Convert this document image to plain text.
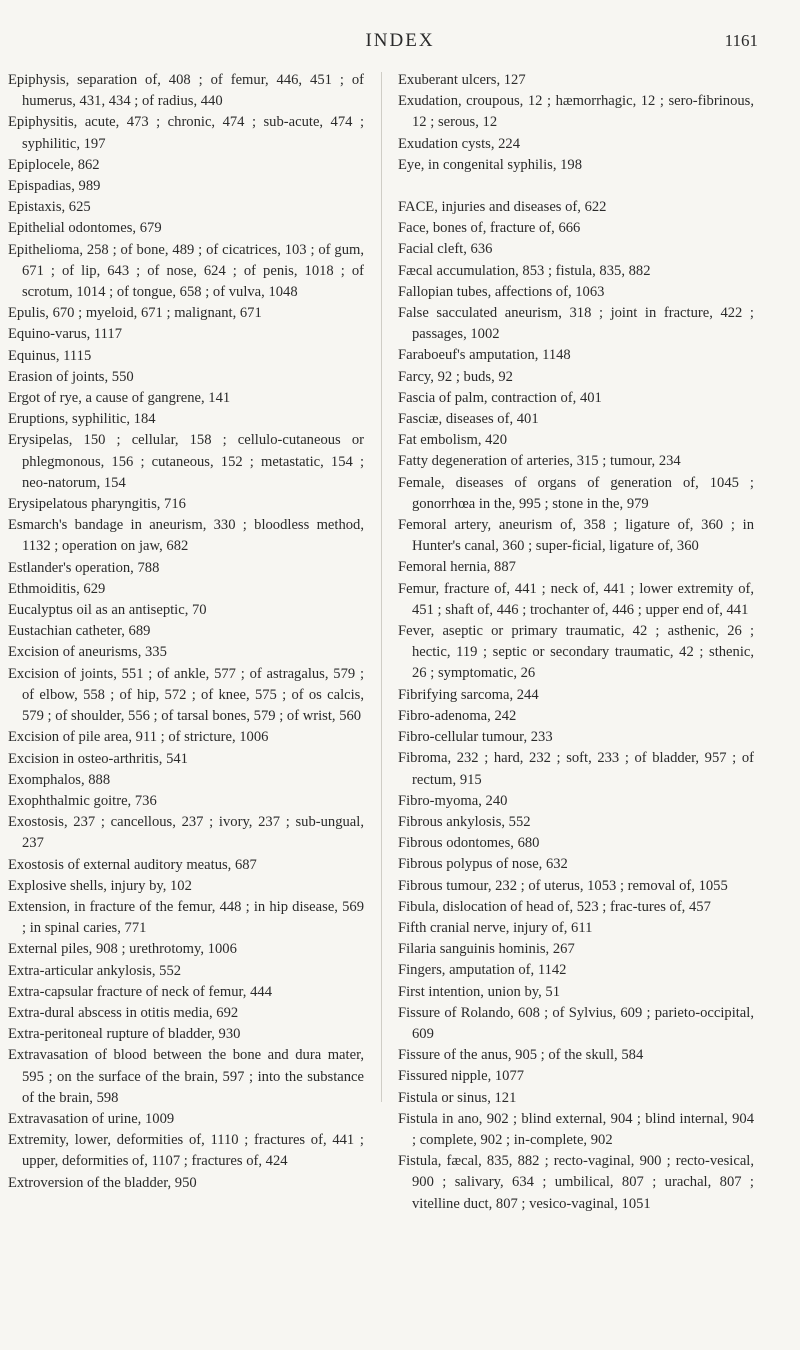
INDEX	1161
Epiphysis, separation of, 408 ; of femur, 446, 451 ; of humerus, 431, 434 ; of radius, 440
Epiphysitis, acute, 473 ; chronic, 474 ; sub-acute, 474 ; syphilitic, 197
Epiplocele, 862
Epispadias, 989
Epistaxis, 625
Epithelial odontomes, 679
Epithelioma, 258 ; of bone, 489 ; of cicatrices, 103 ; of gum, 671 ; of lip, 643 ; of nose, 624 ; of penis, 1018 ; of scrotum, 1014 ; of tongue, 658 ; of vulva, 1048
Epulis, 670 ; myeloid, 671 ; malignant, 671
Equino-varus, 1117
Equinus, 1115
Erasion of joints, 550
Ergot of rye, a cause of gangrene, 141
Eruptions, syphilitic, 184
Erysipelas, 150 ; cellular, 158 ; cellulo-cutaneous or phlegmonous, 156 ; cutaneous, 152 ; metastatic, 154 ; neo-natorum, 154
Erysipelatous pharyngitis, 716
Esmarch's bandage in aneurism, 330 ; bloodless method, 1132 ; operation on jaw, 682
Estlander's operation, 788
Ethmoiditis, 629
Eucalyptus oil as an antiseptic, 70
Eustachian catheter, 689
Excision of aneurisms, 335
Excision of joints, 551 ; of ankle, 577 ; of astragalus, 579 ; of elbow, 558 ; of hip, 572 ; of knee, 575 ; of os calcis, 579 ; of shoulder, 556 ; of tarsal bones, 579 ; of wrist, 560
Excision of pile area, 911 ; of stricture, 1006
Excision in osteo-arthritis, 541
Exomphalos, 888
Exophthalmic goitre, 736
Exostosis, 237 ; cancellous, 237 ; ivory, 237 ; sub-ungual, 237
Exostosis of external auditory meatus, 687
Explosive shells, injury by, 102
Extension, in fracture of the femur, 448 ; in hip disease, 569 ; in spinal caries, 771
External piles, 908 ; urethrotomy, 1006
Extra-articular ankylosis, 552
Extra-capsular fracture of neck of femur, 444
Extra-dural abscess in otitis media, 692
Extra-peritoneal rupture of bladder, 930
Extravasation of blood between the bone and dura mater, 595 ; on the surface of the brain, 597 ; into the substance of the brain, 598
Extravasation of urine, 1009
Extremity, lower, deformities of, 1110 ; fractures of, 441 ; upper, deformities of, 1107 ; fractures of, 424
Extroversion of the bladder, 950
Exuberant ulcers, 127
Exudation, croupous, 12 ; hæmorrhagic, 12 ; sero-fibrinous, 12 ; serous, 12
Exudation cysts, 224
Eye, in congenital syphilis, 198
FACE, injuries and diseases of, 622
Face, bones of, fracture of, 666
Facial cleft, 636
Fæcal accumulation, 853 ; fistula, 835, 882
Fallopian tubes, affections of, 1063
False sacculated aneurism, 318 ; joint in fracture, 422 ; passages, 1002
Faraboeuf's amputation, 1148
Farcy, 92 ; buds, 92
Fascia of palm, contraction of, 401
Fasciæ, diseases of, 401
Fat embolism, 420
Fatty degeneration of arteries, 315 ; tumour, 234
Female, diseases of organs of generation of, 1045 ; gonorrhœa in the, 995 ; stone in the, 979
Femoral artery, aneurism of, 358 ; ligature of, 360 ; in Hunter's canal, 360 ; super-ficial, ligature of, 360
Femoral hernia, 887
Femur, fracture of, 441 ; neck of, 441 ; lower extremity of, 451 ; shaft of, 446 ; trochanter of, 446 ; upper end of, 441
Fever, aseptic or primary traumatic, 42 ; asthenic, 26 ; hectic, 119 ; septic or secondary traumatic, 42 ; sthenic, 26 ; symptomatic, 26
Fibrifying sarcoma, 244
Fibro-adenoma, 242
Fibro-cellular tumour, 233
Fibroma, 232 ; hard, 232 ; soft, 233 ; of bladder, 957 ; of rectum, 915
Fibro-myoma, 240
Fibrous ankylosis, 552
Fibrous odontomes, 680
Fibrous polypus of nose, 632
Fibrous tumour, 232 ; of uterus, 1053 ; removal of, 1055
Fibula, dislocation of head of, 523 ; frac-tures of, 457
Fifth cranial nerve, injury of, 611
Filaria sanguinis hominis, 267
Fingers, amputation of, 1142
First intention, union by, 51
Fissure of Rolando, 608 ; of Sylvius, 609 ; parieto-occipital, 609
Fissure of the anus, 905 ; of the skull, 584
Fissured nipple, 1077
Fistula or sinus, 121
Fistula in ano, 902 ; blind external, 904 ; blind internal, 904 ; complete, 902 ; in-complete, 902
Fistula, fæcal, 835, 882 ; recto-vaginal, 900 ; recto-vesical, 900 ; salivary, 634 ; umbilical, 807 ; urachal, 807 ; vitelline duct, 807 ; vesico-vaginal, 1051
